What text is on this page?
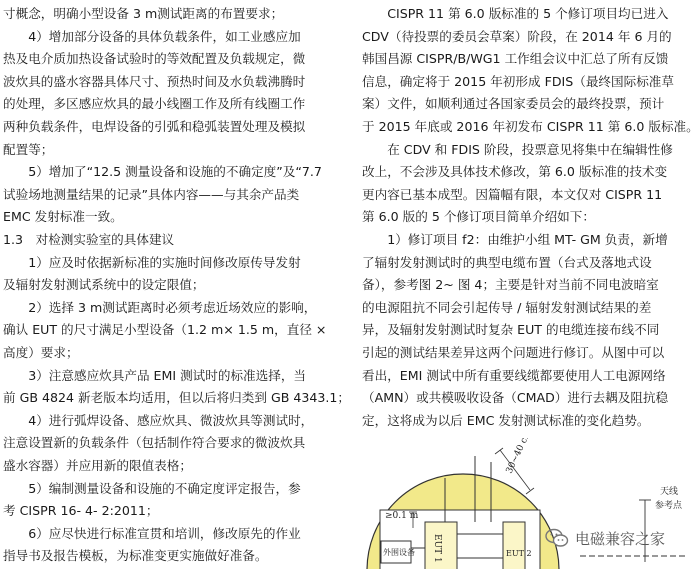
寸概念，明确小型设备 3 m测试距离的布置要求；
　　4）增加部分设备的具体负载条件，如工业感应加
热及电介质加热设备试验时的等效配置及负载规定，微
波炊具的盛水容器具体尺寸、预热时间及水负载沸腾时
的处理，多区感应炊具的最小线圈工作及所有线圈工作
两种负载条件，电焊设备的引弧和稳弧装置处理及模拟
配置等；
　　5）增加了“12.5 测量设备和设施的不确定度”及“7.7
试验场地测量结果的记录”具体内容——与其余产品类
EMC 发射标准一致。
1.3　对检测实验室的具体建议
　　1）应及时依据新标准的实施时间修改原传导发射
及辐射发射测试系统中的设定限值；
　　2）选择 3 m测试距离时必须考虑近场效应的影响，
确认 EUT 的尺寸满足小型设备（1.2 m× 1.5 m，直径 ×
高度）要求；
　　3）注意感应炊具产品 EMI 测试时的标准选择，当
前 GB 4824 新老版本均适用，但以后将归类到 GB 4343.1；
　　4）进行弧焊设备、感应炊具、微波炊具等测试时，
注意设置新的负载条件（包括制作符合要求的微波炊具
盛水容器）并应用新的限值表格；
　　5）编制测量设备和设施的不确定度评定报告，参
考 CISPR 16- 4- 2:2011；
　　6）应尽快进行标准宣贯和培训，修改原先的作业
指导书及报告模板，为标准变更实施做好准备。
　　CISPR 11 第 6.0 版标准的 5 个修订项目均已进入
CDV（待投票的委员会草案）阶段，在 2014 年 6 月的
韩国昌源 CISPR/B/WG1 工作组会议中汇总了所有反馈
信息，确定将于 2015 年初形成 FDIS（最终国际标准草
案）文件，如顺利通过各国家委员会的最终投票，预计
于 2015 年底或 2016 年初发布 CISPR 11 第 6.0 版标准。
　　在 CDV 和 FDIS 阶段，投票意见将集中在编辑性修
改上，不会涉及具体技术修改，第 6.0 版标准的技术变
更内容已基本成型。因篇幅有限，本文仅对 CISPR 11
第 6.0 版的 5 个修订项目简单介绍如下：
　　1）修订项目 f2：由维护小组 MT- GM 负责，新增
了辐射发射测试时的典型电缆布置（台式及落地式设
备），参考图 2~ 图 4；主要是针对当前不同电波暗室
的电源阻抗不同会引起传导 / 辐射发射测试结果的差
异，及辐射发射测试时复杂 EUT 的电缆连接布线不同
引起的测试结果差异这两个问题进行修订。从图中可以
看出，EMI 测试中所有重要线缆都要使用人工电源网络
（AMN）或共模吸收设备（CMAD）进行去耦及阻抗稳
定，这将成为以后 EMC 发射测试标准的变化趋势。
30~40 cm
≥0.1 m
EUT 1	EUT 2
外围设备
天线
参考点
电磁兼容之家
